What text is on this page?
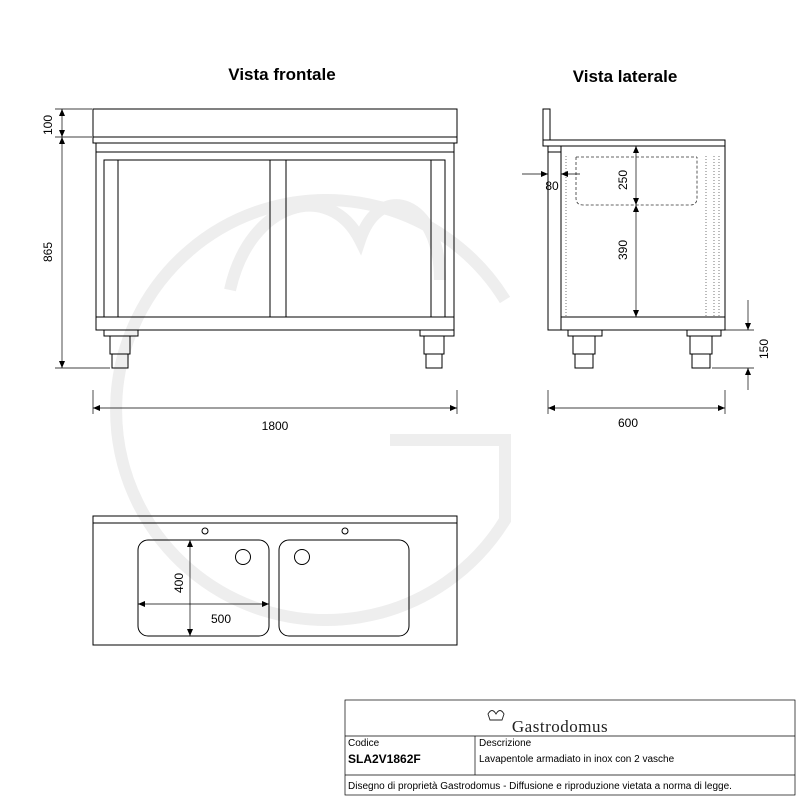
Vista frontale	Vista laterale
100
865
1800
250
390
80
150
600
400
500
Gastrodomus
Codice
SLA2V1862F
Descrizione
Lavapentole armadiato in inox con 2 vasche
Disegno di proprietà Gastrodomus - Diffusione e riproduzione vietata a norma di legge.
